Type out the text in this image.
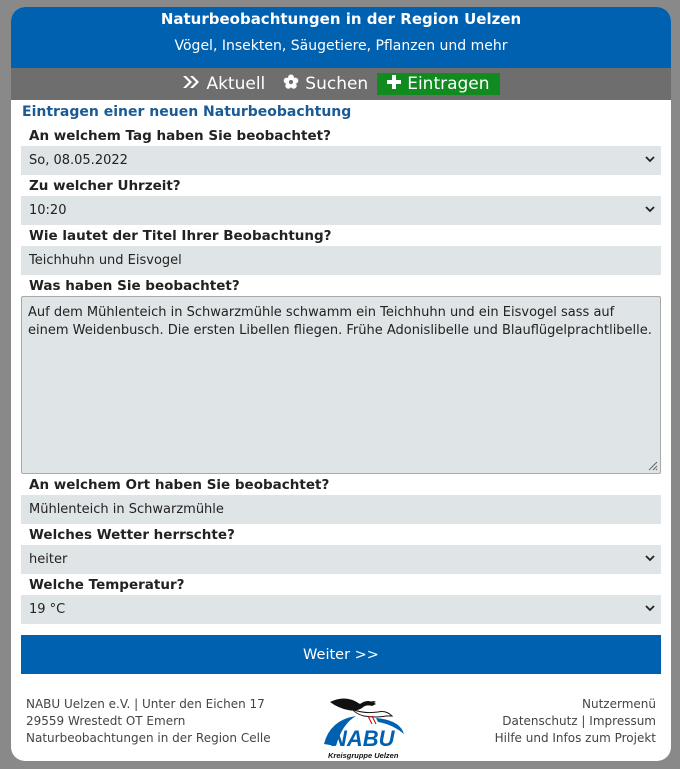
Naturbeobachtungen in der Region Uelzen
Vögel, Insekten, Säugetiere, Pflanzen und mehr
Aktuell Suchen Eintragen
Eintragen einer neuen Naturbeobachtung
An welchem Tag haben Sie beobachtet?
So, 08.05.2022
Zu welcher Uhrzeit?
10:20
Wie lautet der Titel Ihrer Beobachtung?
Teichhuhn und Eisvogel
Was haben Sie beobachtet?
Auf dem Mühlenteich in Schwarzmühle schwamm ein Teichhuhn und ein Eisvogel sass auf einem Weidenbusch. Die ersten Libellen fliegen. Frühe Adonislibelle und Blauflügelprachtlibelle.
An welchem Ort haben Sie beobachtet?
Mühlenteich in Schwarzmühle
Welches Wetter herrschte?
heiter
Welche Temperatur?
19 °C
Weiter >>
NABU Uelzen e.V. | Unter den Eichen 17
29559 Wrestedt OT Emern
Naturbeobachtungen in der Region Celle	NABU
Kreisgruppe Uelzen
Nutzermenü
Datenschutz | Impressum
Hilfe und Infos zum Projekt
